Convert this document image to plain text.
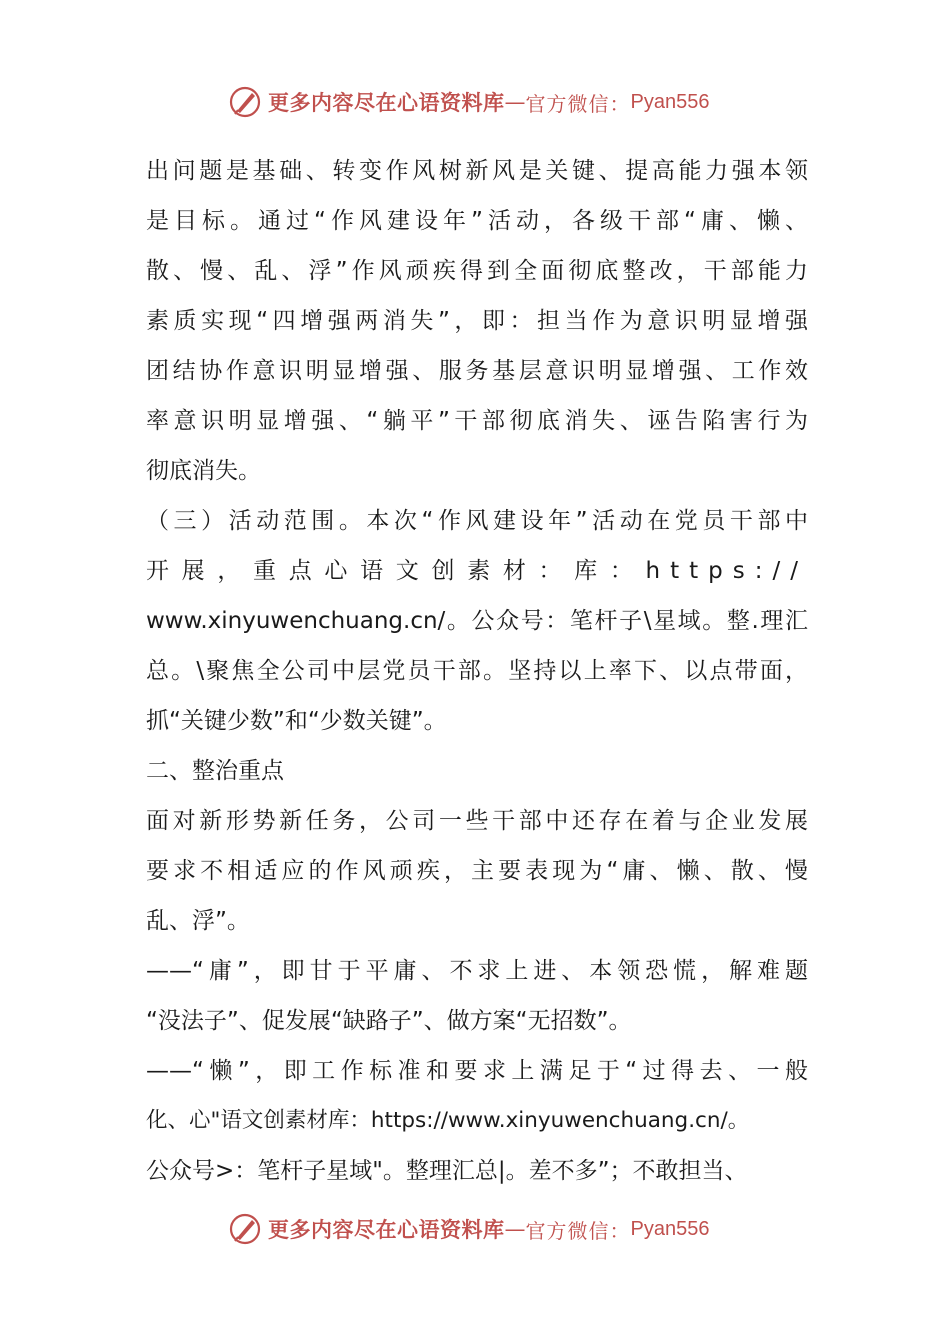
更多内容尽在心语资料库 — 官方微信： Pyan556
出问题是基础、转变作风树新风是关键、提高能力强本领
是目标。通过“作风建设年”活动，各级干部“庸、懒、
散、慢、乱、浮”作风顽疾得到全面彻底整改，干部能力
素质实现“四增强两消失”，即：担当作为意识明显增强
团结协作意识明显增强、服务基层意识明显增强、工作效
率意识明显增强、“躺平”干部彻底消失、诬告陷害行为
彻底消失。
（三）活动范围。本次“作风建设年”活动在党员干部中
开展，重点心语文创素材：库：https://
www.xinyuwenchuang.cn/。公众号：笔杆子\星域。整.理汇
总。\聚焦全公司中层党员干部。坚持以上率下、以点带面，
抓“关键少数”和“少数关键”。
二、整治重点
面对新形势新任务，公司一些干部中还存在着与企业发展
要求不相适应的作风顽疾，主要表现为“庸、懒、散、慢
乱、浮”。
——“庸”，即甘于平庸、不求上进、本领恐慌，解难题
“没法子”、促发展“缺路子”、做方案“无招数”。
——“懒”，即工作标准和要求上满足于“过得去、一般
化、心"语文创素材库：https://www.xinyuwenchuang.cn/。
公众号>：笔杆子星域"。整理汇总|。差不多”；不敢担当、
更多内容尽在心语资料库 — 官方微信： Pyan556
